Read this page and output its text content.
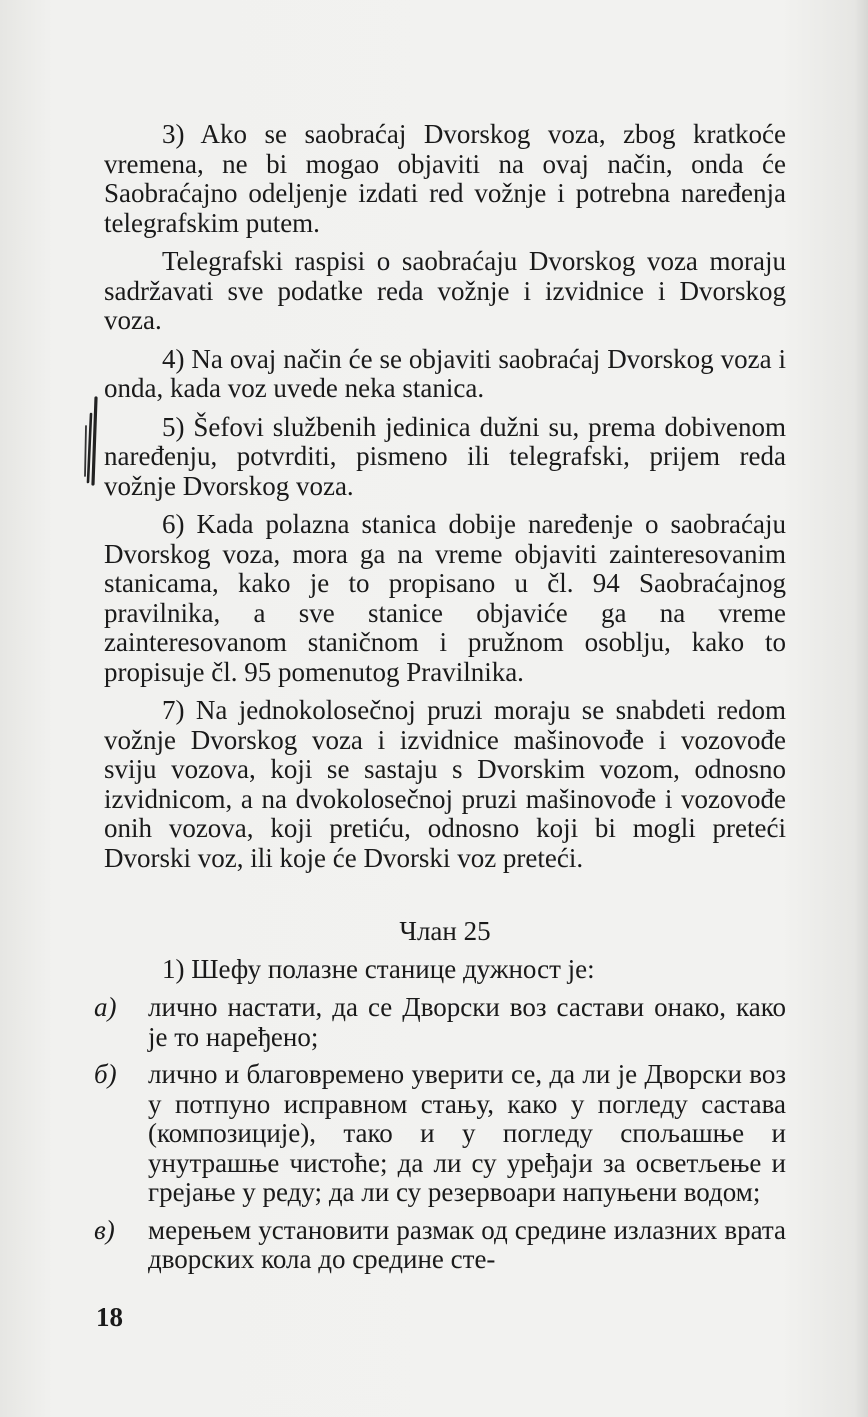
3) Ako se saobraćaj Dvorskog voza, zbog kratkoće vremena, ne bi mogao objaviti na ovaj način, onda će Saobraćajno odeljenje izdati red vožnje i potrebna naređenja telegrafskim putem.

Telegrafski raspisi o saobraćaju Dvorskog voza moraju sadržavati sve podatke reda vožnje i izvidnice i Dvorskog voza.

4) Na ovaj način će se objaviti saobraćaj Dvorskog voza i onda, kada voz uvede neka stanica.

5) Šefovi službenih jedinica dužni su, prema dobivenom naređenju, potvrditi, pismeno ili telegrafski, prijem reda vožnje Dvorskog voza.

6) Kada polazna stanica dobije naređenje o saobraćaju Dvorskog voza, mora ga na vreme objaviti zainteresovanim stanicama, kako je to propisano u čl. 94 Saobraćajnog pravilnika, a sve stanice objaviće ga na vreme zainteresovanom staničnom i pružnom osoblju, kako to propisuje čl. 95 pomenutog Pravilnika.

7) Na jednokolosečnoj pruzi moraju se snabdeti redom vožnje Dvorskog voza i izvidnice mašinovođe i vozovođe sviju vozova, koji se sastaju s Dvorskim vozom, odnosno izvidnicom, a na dvokolosečnoj pruzi mašinovođe i vozovođe onih vozova, koji pretiću, odnosno koji bi mogli preteći Dvorski voz, ili koje će Dvorski voz preteći.

Члан 25

1) Шефу полазне станице дужност је:

а)	лично настати, да се Дворски воз састави онако, како је то наређено;
б)	лично и благовремено уверити се, да ли је Дворски воз у потпуно исправном стању, како у погледу састава (композиције), тако и у погледу спољашње и унутрашње чистоће; да ли су уређаји за осветљење и грејање у реду; да ли су резервоари напуњени водом;
в)	мерењем установити размак од средине излазних врата дворских кола до средине сте-
18
